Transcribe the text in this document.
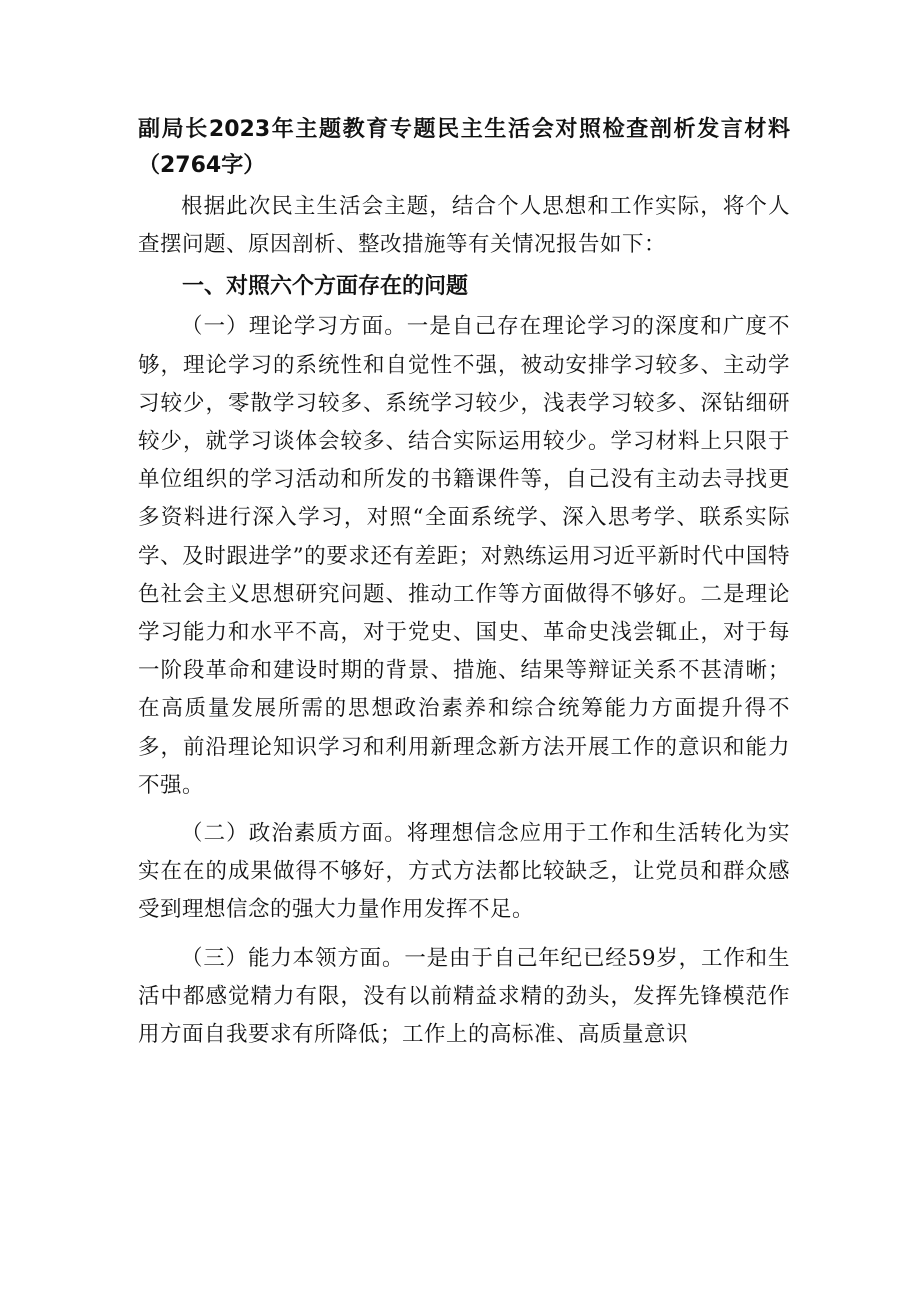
副局长2023年主题教育专题民主生活会对照检查剖析发言材料（2764字）

根据此次民主生活会主题，结合个人思想和工作实际，将个人查摆问题、原因剖析、整改措施等有关情况报告如下：

一、对照六个方面存在的问题

（一）理论学习方面。一是自己存在理论学习的深度和广度不够，理论学习的系统性和自觉性不强，被动安排学习较多、主动学习较少，零散学习较多、系统学习较少，浅表学习较多、深钻细研较少，就学习谈体会较多、结合实际运用较少。学习材料上只限于单位组织的学习活动和所发的书籍课件等，自己没有主动去寻找更多资料进行深入学习，对照“全面系统学、深入思考学、联系实际学、及时跟进学”的要求还有差距；对熟练运用习近平新时代中国特色社会主义思想研究问题、推动工作等方面做得不够好。二是理论学习能力和水平不高，对于党史、国史、革命史浅尝辄止，对于每一阶段革命和建设时期的背景、措施、结果等辩证关系不甚清晰；在高质量发展所需的思想政治素养和综合统筹能力方面提升得不多，前沿理论知识学习和利用新理念新方法开展工作的意识和能力不强。

（二）政治素质方面。将理想信念应用于工作和生活转化为实实在在的成果做得不够好，方式方法都比较缺乏，让党员和群众感受到理想信念的强大力量作用发挥不足。

（三）能力本领方面。一是由于自己年纪已经59岁，工作和生活中都感觉精力有限，没有以前精益求精的劲头，发挥先锋模范作用方面自我要求有所降低；工作上的高标准、高质量意识
